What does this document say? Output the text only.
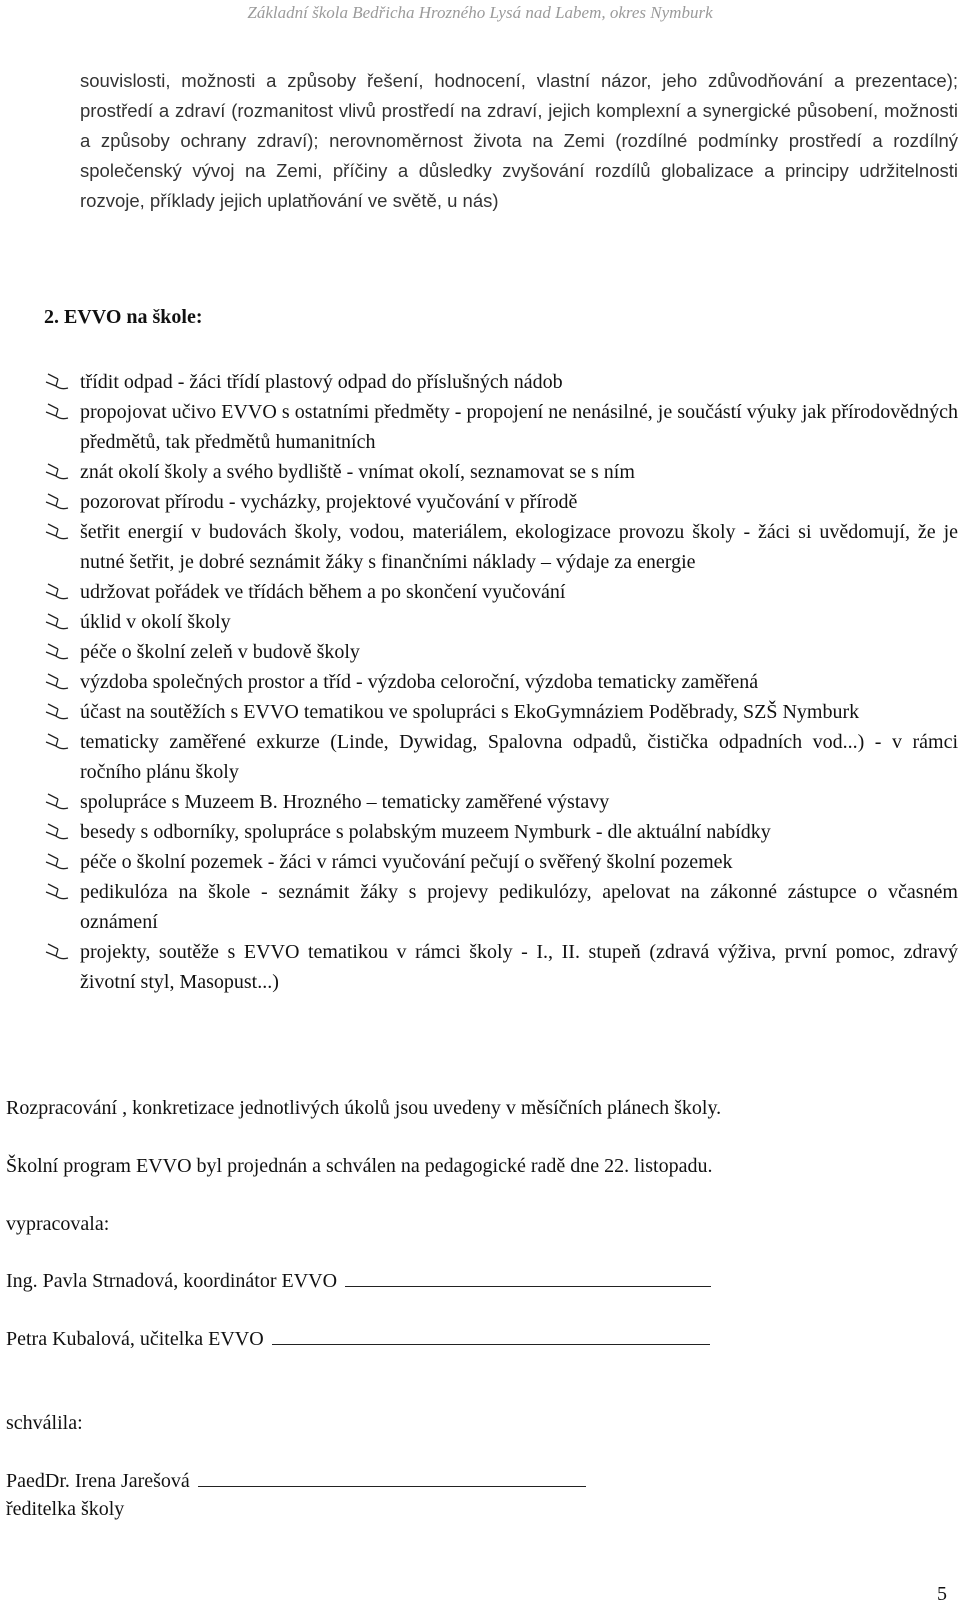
Základní škola Bedřicha Hrozného Lysá nad Labem, okres Nymburk
souvislosti, možnosti a způsoby řešení, hodnocení, vlastní názor, jeho zdůvodňování a prezentace); prostředí a zdraví (rozmanitost vlivů prostředí na zdraví, jejich komplexní a synergické působení, možnosti a způsoby ochrany zdraví); nerovnoměrnost života na Zemi (rozdílné podmínky prostředí a rozdílný společenský vývoj na Zemi, příčiny a důsledky zvyšování rozdílů globalizace a principy udržitelnosti rozvoje, příklady jejich uplatňování ve světě, u nás)
2. EVVO na škole:
třídit odpad - žáci třídí plastový odpad do příslušných nádob
propojovat učivo EVVO s ostatními předměty - propojení ne nenásilné, je součástí výuky jak přírodovědných předmětů, tak předmětů humanitních
znát okolí školy a svého bydliště - vnímat okolí, seznamovat se s ním
pozorovat přírodu - vycházky, projektové vyučování v přírodě
šetřit energií v budovách školy, vodou, materiálem, ekologizace provozu školy - žáci si uvědomují, že je nutné šetřit, je dobré seznámit žáky s finančními náklady – výdaje za energie
udržovat pořádek ve třídách během a po skončení vyučování
úklid v okolí školy
péče o školní zeleň v budově školy
výzdoba společných prostor a tříd - výzdoba celoroční, výzdoba tematicky zaměřená
účast na soutěžích s EVVO tematikou ve spolupráci s EkoGymnáziem Poděbrady, SZŠ Nymburk
tematicky zaměřené exkurze (Linde, Dywidag, Spalovna odpadů, čistička odpadních vod...) - v rámci ročního plánu školy
spolupráce s Muzeem B. Hrozného – tematicky zaměřené výstavy
besedy s odborníky, spolupráce s polabským muzeem Nymburk - dle aktuální nabídky
péče o školní pozemek - žáci v rámci vyučování pečují o svěřený školní pozemek
pedikulóza na škole - seznámit žáky s projevy pedikulózy, apelovat na zákonné zástupce o včasném oznámení
projekty, soutěže s EVVO tematikou v rámci školy - I., II. stupeň (zdravá výživa, první pomoc, zdravý životní styl, Masopust...)
Rozpracování , konkretizace jednotlivých úkolů jsou uvedeny v měsíčních plánech školy.
Školní program EVVO byl projednán a schválen na pedagogické radě dne 22. listopadu.
vypracovala:
Ing. Pavla Strnadová, koordinátor EVVO
Petra Kubalová, učitelka EVVO
schválila:
PaedDr. Irena Jarešová
ředitelka školy
5
